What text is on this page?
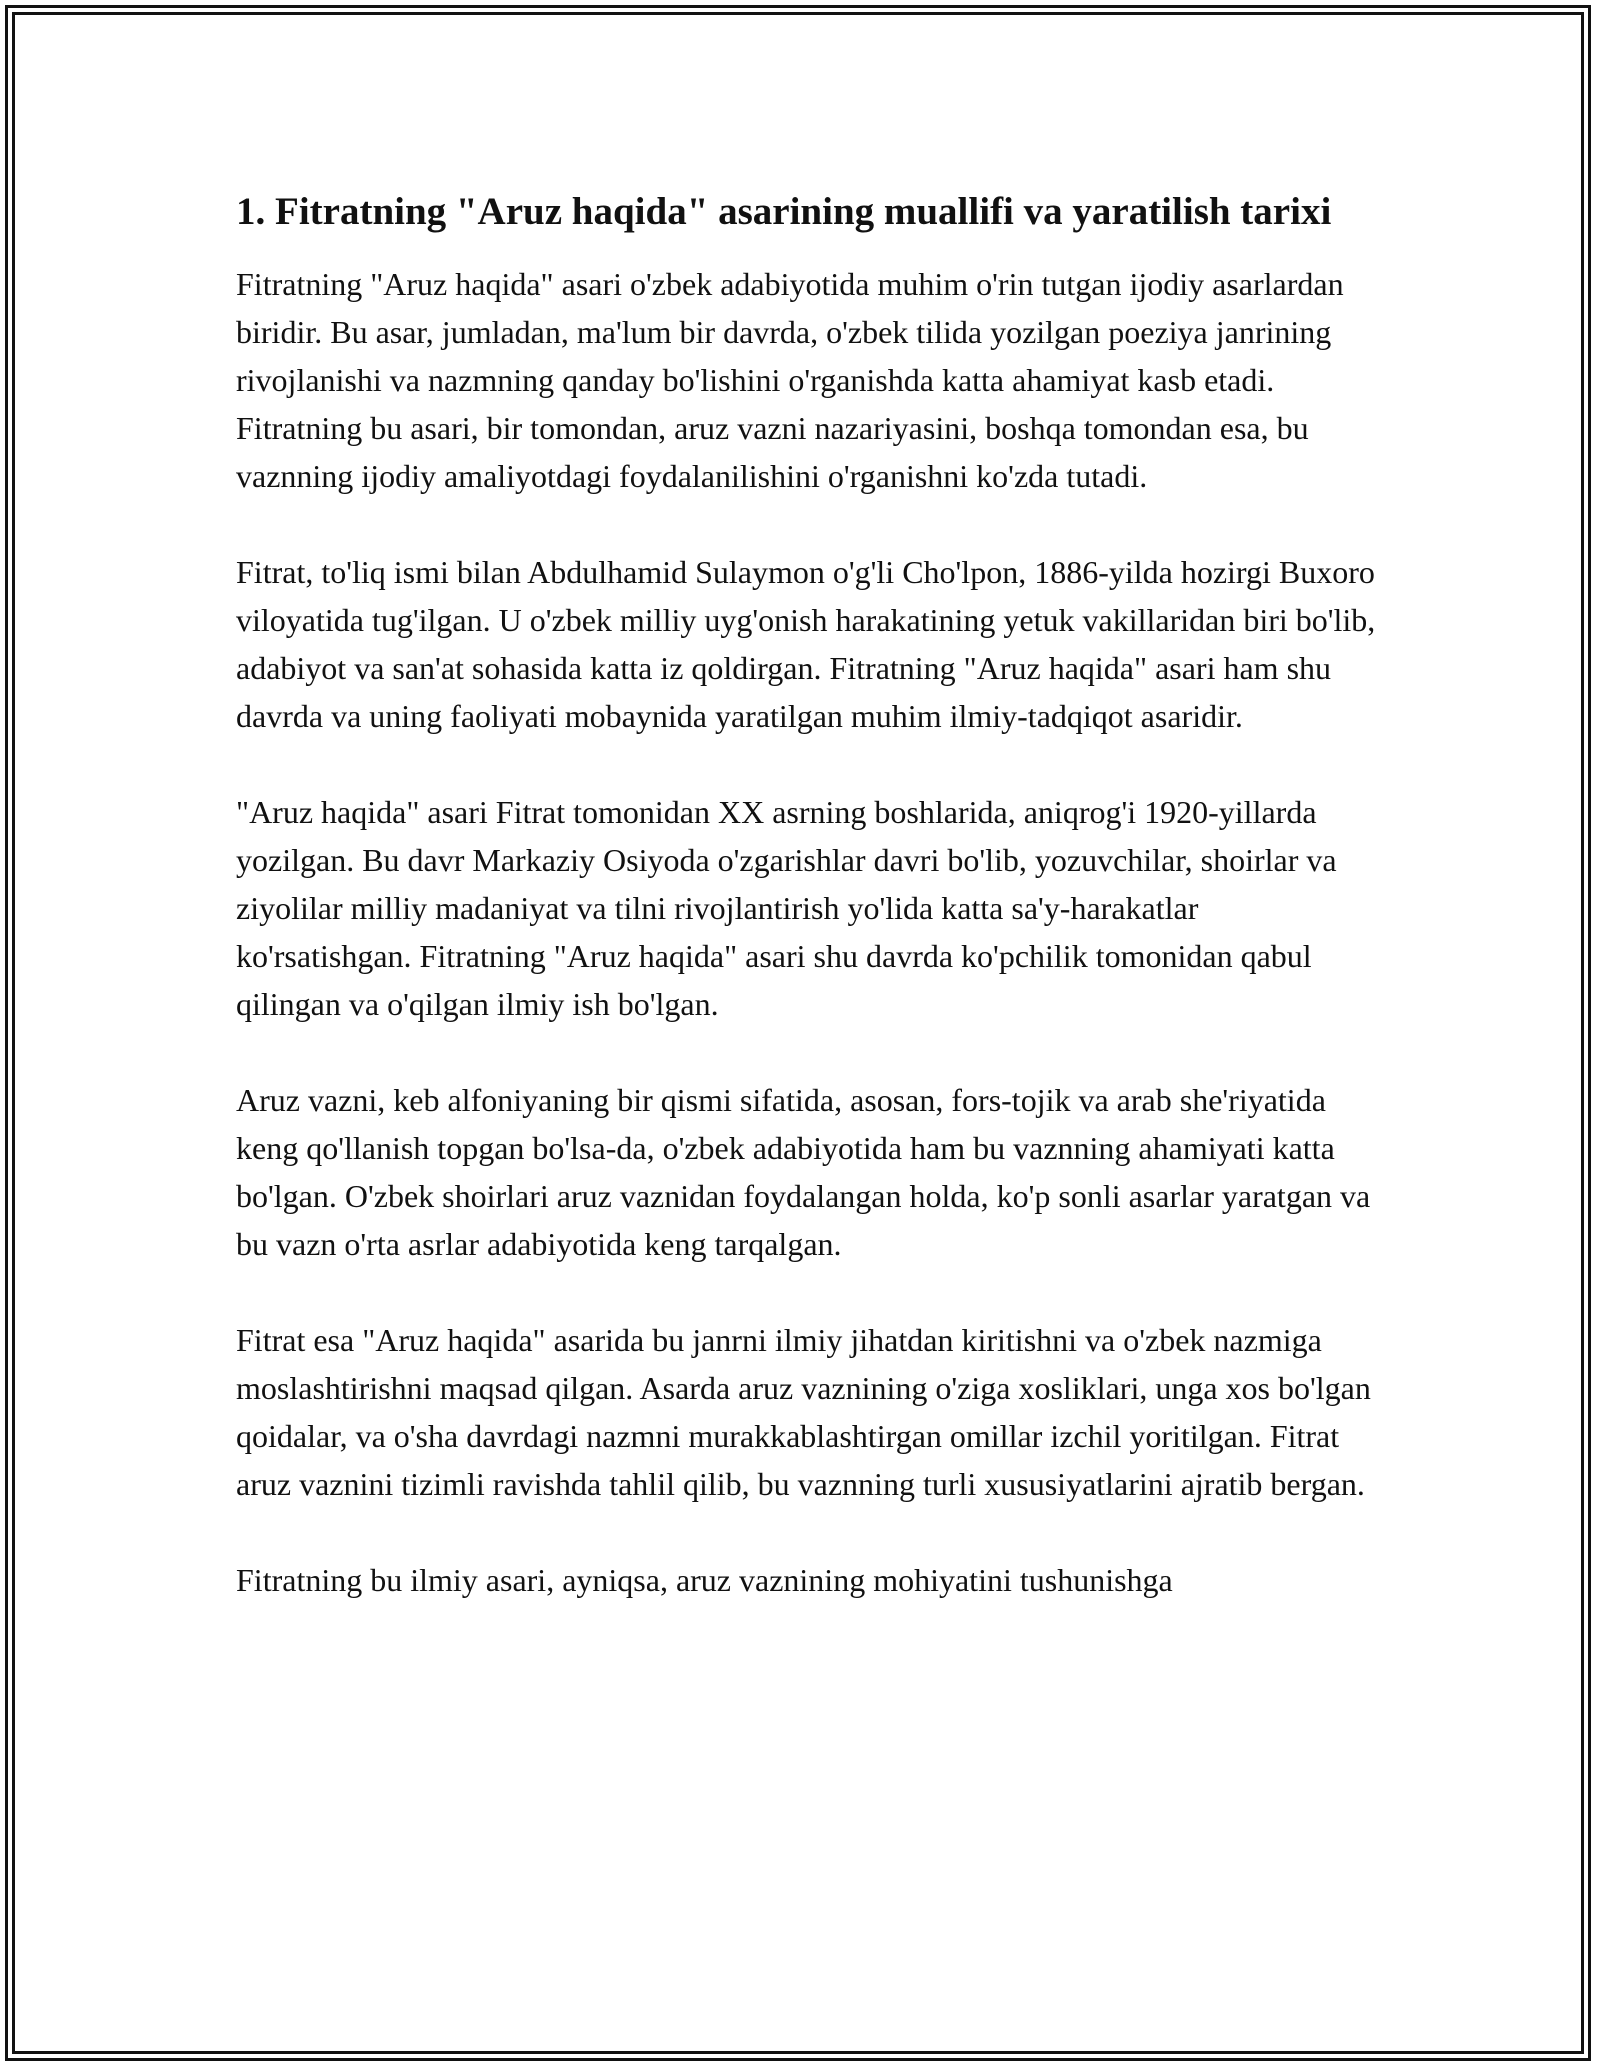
1. Fitratning "Aruz haqida" asarining muallifi va yaratilish tarixi

Fitratning "Aruz haqida" asari o'zbek adabiyotida muhim o'rin tutgan ijodiy asarlardan biridir. Bu asar, jumladan, ma'lum bir davrda, o'zbek tilida yozilgan poeziya janrining rivojlanishi va nazmning qanday bo'lishini o'rganishda katta ahamiyat kasb etadi. Fitratning bu asari, bir tomondan, aruz vazni nazariyasini, boshqa tomondan esa, bu vaznning ijodiy amaliyotdagi foydalanilishini o'rganishni ko'zda tutadi.

Fitrat, to'liq ismi bilan Abdulhamid Sulaymon o'g'li Cho'lpon, 1886-yilda hozirgi Buxoro viloyatida tug'ilgan. U o'zbek milliy uyg'onish harakatining yetuk vakillaridan biri bo'lib, adabiyot va san'at sohasida katta iz qoldirgan. Fitratning "Aruz haqida" asari ham shu davrda va uning faoliyati mobaynida yaratilgan muhim ilmiy-tadqiqot asaridir.

"Aruz haqida" asari Fitrat tomonidan XX asrning boshlarida, aniqrog'i 1920-yillarda yozilgan. Bu davr Markaziy Osiyoda o'zgarishlar davri bo'lib, yozuvchilar, shoirlar va ziyolilar milliy madaniyat va tilni rivojlantirish yo'lida katta sa'y-harakatlar ko'rsatishgan. Fitratning "Aruz haqida" asari shu davrda ko'pchilik tomonidan qabul qilingan va o'qilgan ilmiy ish bo'lgan.

Aruz vazni, keb alfoniyaning bir qismi sifatida, asosan, fors-tojik va arab she'riyatida keng qo'llanish topgan bo'lsa-da, o'zbek adabiyotida ham bu vaznning ahamiyati katta bo'lgan. O'zbek shoirlari aruz vaznidan foydalangan holda, ko'p sonli asarlar yaratgan va bu vazn o'rta asrlar adabiyotida keng tarqalgan.

Fitrat esa "Aruz haqida" asarida bu janrni ilmiy jihatdan kiritishni va o'zbek nazmiga moslashtirishni maqsad qilgan. Asarda aruz vaznining o'ziga xosliklari, unga xos bo'lgan qoidalar, va o'sha davrdagi nazmni murakkablashtirgan omillar izchil yoritilgan. Fitrat aruz vaznini tizimli ravishda tahlil qilib, bu vaznning turli xususiyatlarini ajratib bergan.

Fitratning bu ilmiy asari, ayniqsa, aruz vaznining mohiyatini tushunishga
